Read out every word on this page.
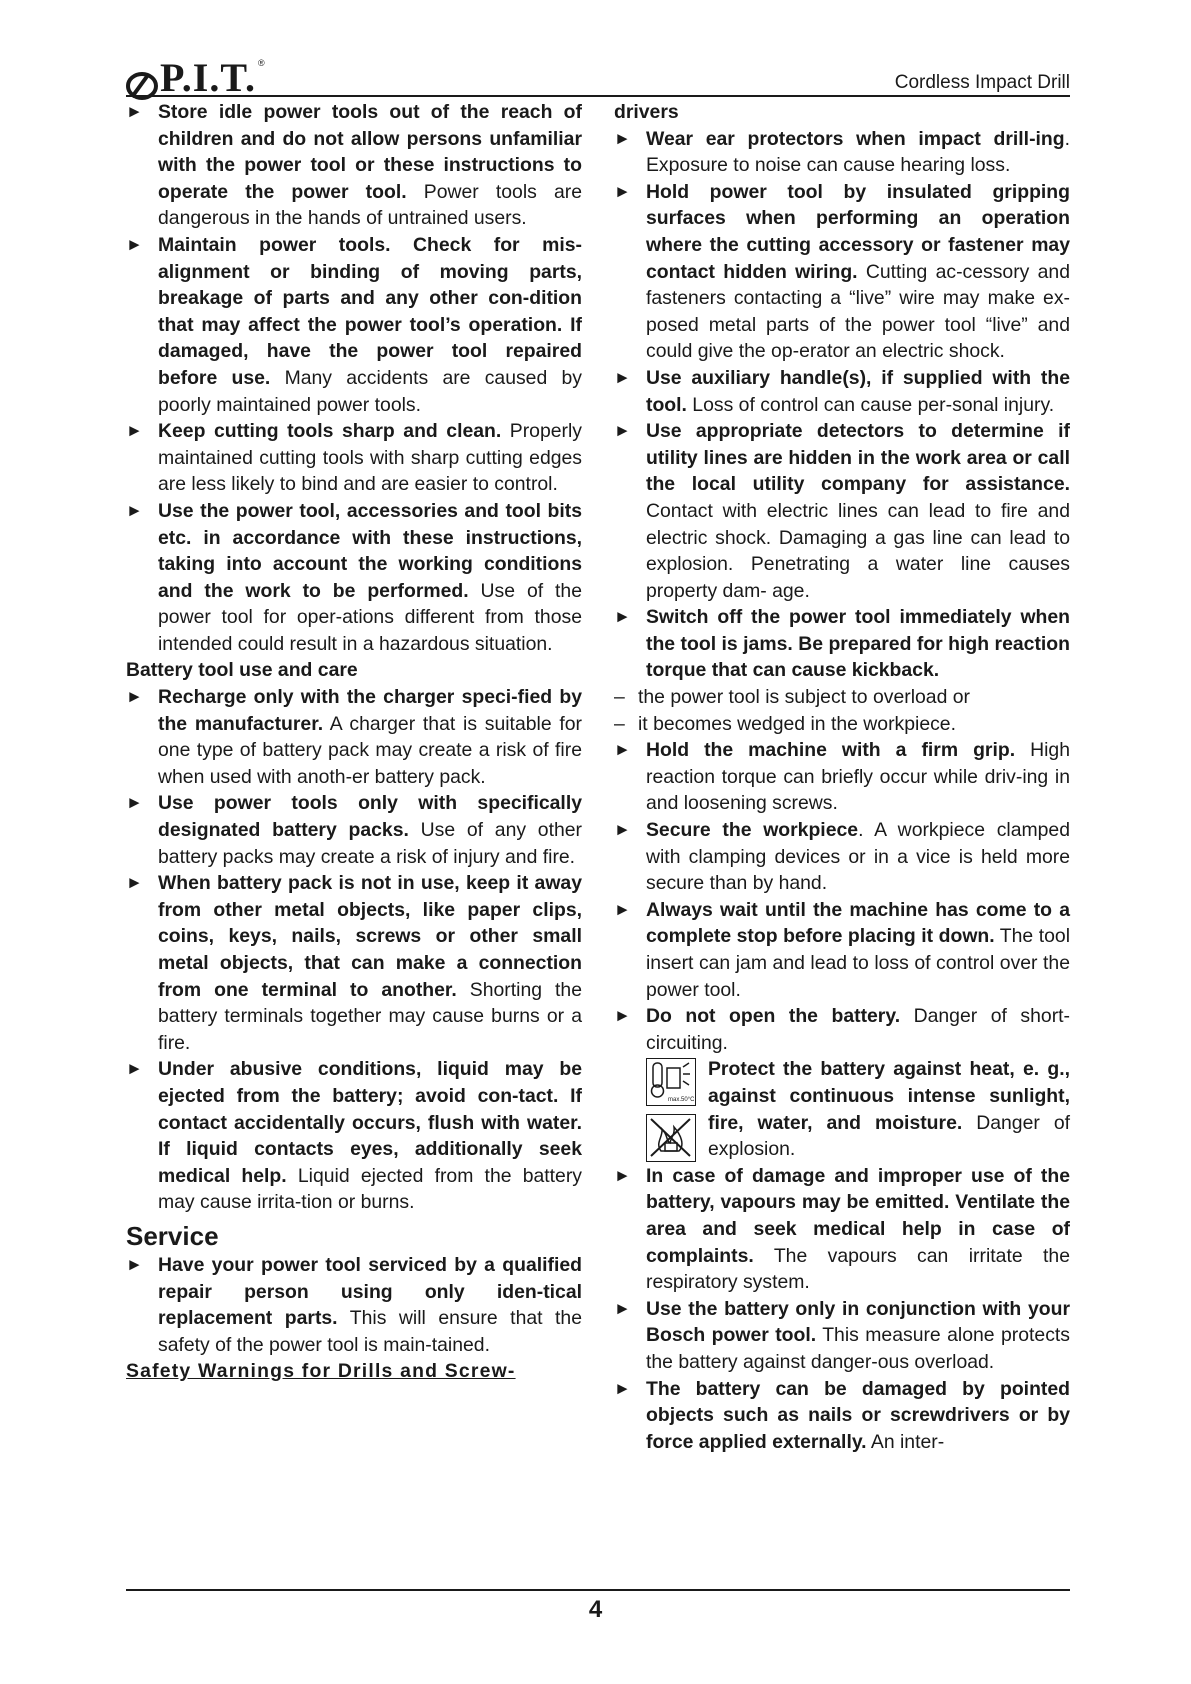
P.I.T. ®
Cordless Impact Drill
► Store idle power tools out of the reach of children and do not allow persons unfamiliar with the power tool or these instructions to operate the power tool. Power tools are dangerous in the hands of untrained users.
► Maintain power tools. Check for mis-alignment or binding of moving parts, breakage of parts and any other con-dition that may affect the power tool’s operation. If damaged, have the power tool repaired before use. Many accidents are caused by poorly maintained power tools.
► Keep cutting tools sharp and clean. Properly maintained cutting tools with sharp cutting edges are less likely to bind and are easier to control.
► Use the power tool, accessories and tool bits etc. in accordance with these instructions, taking into account the working conditions and the work to be performed. Use of the power tool for oper-ations different from those intended could result in a hazardous situation.
Battery tool use and care
► Recharge only with the charger speci-fied by the manufacturer. A charger that is suitable for one type of battery pack may create a risk of fire when used with anoth-er battery pack.
► Use power tools only with specifically designated battery packs. Use of any other battery packs may create a risk of injury and fire.
► When battery pack is not in use, keep it away from other metal objects, like paper clips, coins, keys, nails, screws or other small metal objects, that can make a connection from one terminal to another. Shorting the battery terminals together may cause burns or a fire.
► Under abusive conditions, liquid may be ejected from the battery; avoid con-tact. If contact accidentally occurs, flush with water. If liquid contacts eyes, additionally seek medical help. Liquid ejected from the battery may cause irrita-tion or burns.
Service
► Have your power tool serviced by a qualified repair person using only iden-tical replacement parts. This will ensure that the safety of the power tool is main-tained.
Safety Warnings for Drills and Screw-
drivers
► Wear ear protectors when impact drill-ing. Exposure to noise can cause hearing loss.
► Hold power tool by insulated gripping surfaces when performing an operation where the cutting accessory or fastener may contact hidden wiring. Cutting ac-cessory and fasteners contacting a “live” wire may make ex- posed metal parts of the power tool “live” and could give the op-erator an electric shock.
► Use auxiliary handle(s), if supplied with the tool. Loss of control can cause per-sonal injury.
► Use appropriate detectors to determine if utility lines are hidden in the work area or call the local utility company for assistance. Contact with electric lines can lead to fire and electric shock. Damaging a gas line can lead to explosion. Penetrating a water line causes property dam- age.
► Switch off the power tool immediately when the tool is jams. Be prepared for high reaction torque that can cause kickback.
– the power tool is subject to overload or
– it becomes wedged in the workpiece.
► Hold the machine with a firm grip. High reaction torque can briefly occur while driv-ing in and loosening screws.
► Secure the workpiece. A workpiece clamped with clamping devices or in a vice is held more secure than by hand.
► Always wait until the machine has come to a complete stop before placing it down. The tool insert can jam and lead to loss of control over the power tool.
► Do not open the battery. Danger of short-circuiting.
max.50°C
Protect the battery against heat, e. g., against continuous intense sunlight, fire, water, and moisture. Danger of explosion.
► In case of damage and improper use of the battery, vapours may be emitted. Ventilate the area and seek medical help in case of complaints. The vapours can irritate the respiratory system.
► Use the battery only in conjunction with your Bosch power tool. This measure alone protects the battery against danger-ous overload.
► The battery can be damaged by pointed objects such as nails or screwdrivers or by force applied externally. An inter-
4
